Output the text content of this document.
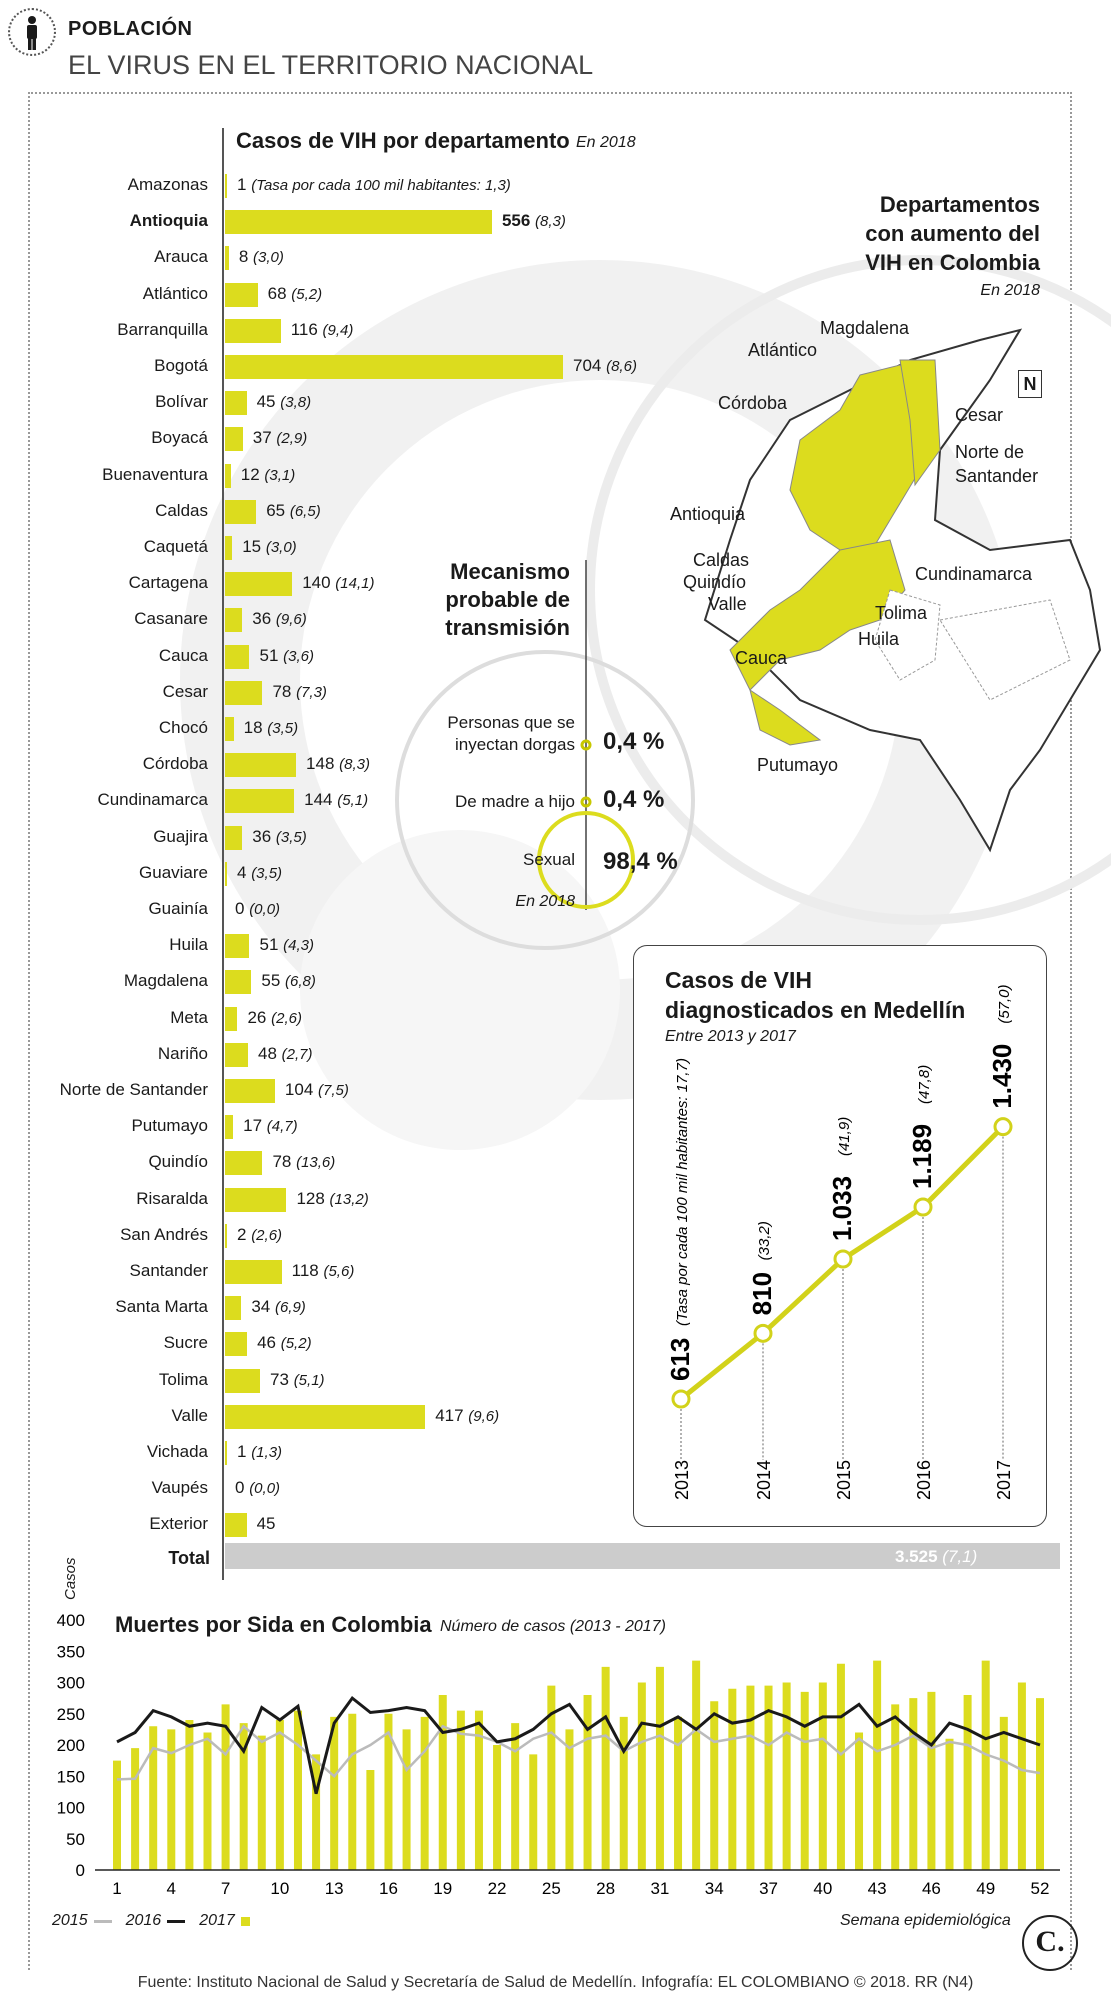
POBLACIÓN
EL VIRUS EN EL TERRITORIO NACIONAL
Casos de VIH por departamento En 2018
Amazonas 1 (Tasa por cada 100 mil habitantes: 1,3)
Antioquia	556 (8,3)
Arauca 8 (3,0)
Atlántico	68 (5,2)
Barranquilla	116 (9,4)
Bogotá	704 (8,6)
Bolívar	45 (3,8)
Boyacá	37 (2,9)
Buenaventura 12 (3,1)
Caldas	65 (6,5)
Caquetá 15 (3,0)
Cartagena	140 (14,1)
Casanare	36 (9,6)
Cauca	51 (3,6)
Cesar	78 (7,3)
Chocó 18 (3,5)
Córdoba	148 (8,3)
Cundinamarca	144 (5,1)
Guajira	36 (3,5)
Guaviare 4 (3,5)
Guainía 0 (0,0)
Huila	51 (4,3)
Magdalena	55 (6,8)
Meta 26 (2,6)
Nariño	48 (2,7)
Norte de Santander	104 (7,5)
Putumayo 17 (4,7)
Quindío	78 (13,6)
Risaralda	128 (13,2)
San Andrés 2 (2,6)
Santander	118 (5,6)
Santa Marta	34 (6,9)
Sucre	46 (5,2)
Tolima	73 (5,1)
Valle	417 (9,6)
Vichada 1 (1,3)
Vaupés 0 (0,0)
Exterior	45
Total	3.525 (7,1)
Mecanismo
probable de
transmisión
Personas que se
inyectan dorgas 0,4 %
De madre a hijo 0,4 %
Sexual 98,4 %
En 2018
Departamentos
con aumento del
VIH en Colombia
En 2018
N
Magdalena
Atlántico
Córdoba
Cesar
Norte de
Santander
Antioquia
Caldas
Quindío
Valle
Cundinamarca
Tolima
Huila
Cauca
Putumayo
Casos de VIH
diagnosticados en Medellín
Entre 2013 y 2017
613
(Tasa por cada 100 mil habitantes: 17,7)
2013
810
(33,2)
2014
1.033
(41,9)
2015
1.189
(47,8)
2016
1.430
(57,0)
2017
Muertes por Sida en Colombia Número de casos (2013 - 2017)
Casos
0
50
100
150
200
250
300
350
400
1	4	7 10 13 16 19 22 25 28 31 34 37 40 43 46 49 52
Semana epidemiológica
2015 2016 2017
C.
Fuente: Instituto Nacional de Salud y Secretaría de Salud de Medellín. Infografía: EL COLOMBIANO © 2018. RR (N4)
